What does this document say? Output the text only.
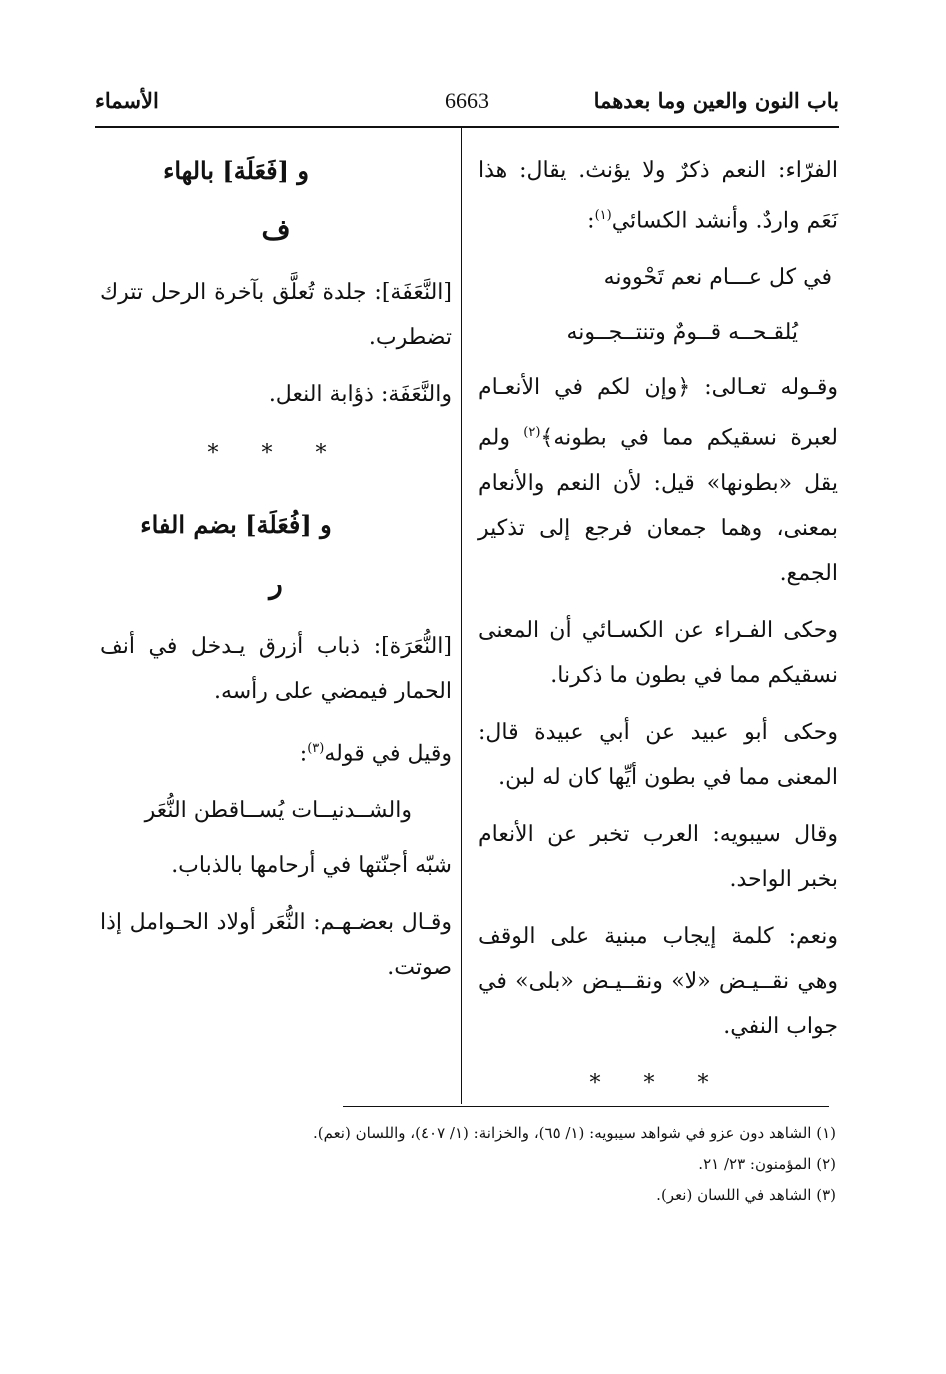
باب النون والعين وما بعدهما
6663
الأسماء

الفرّاء: النعم ذكرٌ ولا يؤنث. يقال: هذا نَعَم واردٌ. وأنشد الكسائي$^{(١)}$:

في كل عـــام نعم تَحْوونه

يُلقـحــه قــومٌ وتنتــجــونه

وقـوله تعـالى: ﴿وإن لكم في الأنعـام لعبرة نسقيكم مما في بطونه﴾$^{(٢)}$ ولم يقل «بطونها» قيل: لأن النعم والأنعام بمعنى، وهما جمعان فرجع إلى تذكير الجمع.

وحكى الفـراء عن الكسـائي أن المعنى نسقيكم مما في بطون ما ذكرنا.

وحكى أبو عبيد عن أبي عبيدة قال: المعنى مما في بطون أيِّها كان له لبن.

وقال سيبويه: العرب تخبر عن الأنعام بخبر الواحد.

ونعم: كلمة إيجاب مبنية على الوقف وهي نقــيـض «لا» ونقــيـض «بلى» في جواب النفي.

* * *

و [فَعَلَة] بالهاء

ف

[النَّعَفَة]: جلدة تُعلَّق بآخرة الرحل تترك تضطرب.

والنَّعَفَة: ذؤابة النعل.

* * *

و [فُعَلَة] بضم الفاء

ر

[النُّعَرَة]: ذباب أزرق يـدخل في أنف الحمار فيمضي على رأسه.

وقيل في قوله$^{(٣)}$:

والشــدنيــات يُســاقطن النُّعَر

شبّه أجنّتها في أرحامها بالذباب.

وقـال بعضـهـم: النُّعَر أولاد الحـوامل إذا صوتت.

(١) الشاهد دون عزو في شواهد سيبويه: (١/ ٦٥)، والخزانة: (١/ ٤٠٧)، واللسان (نعم).

(٢) المؤمنون: ٢٣/ ٢١.

(٣) الشاهد في اللسان (نعر).
